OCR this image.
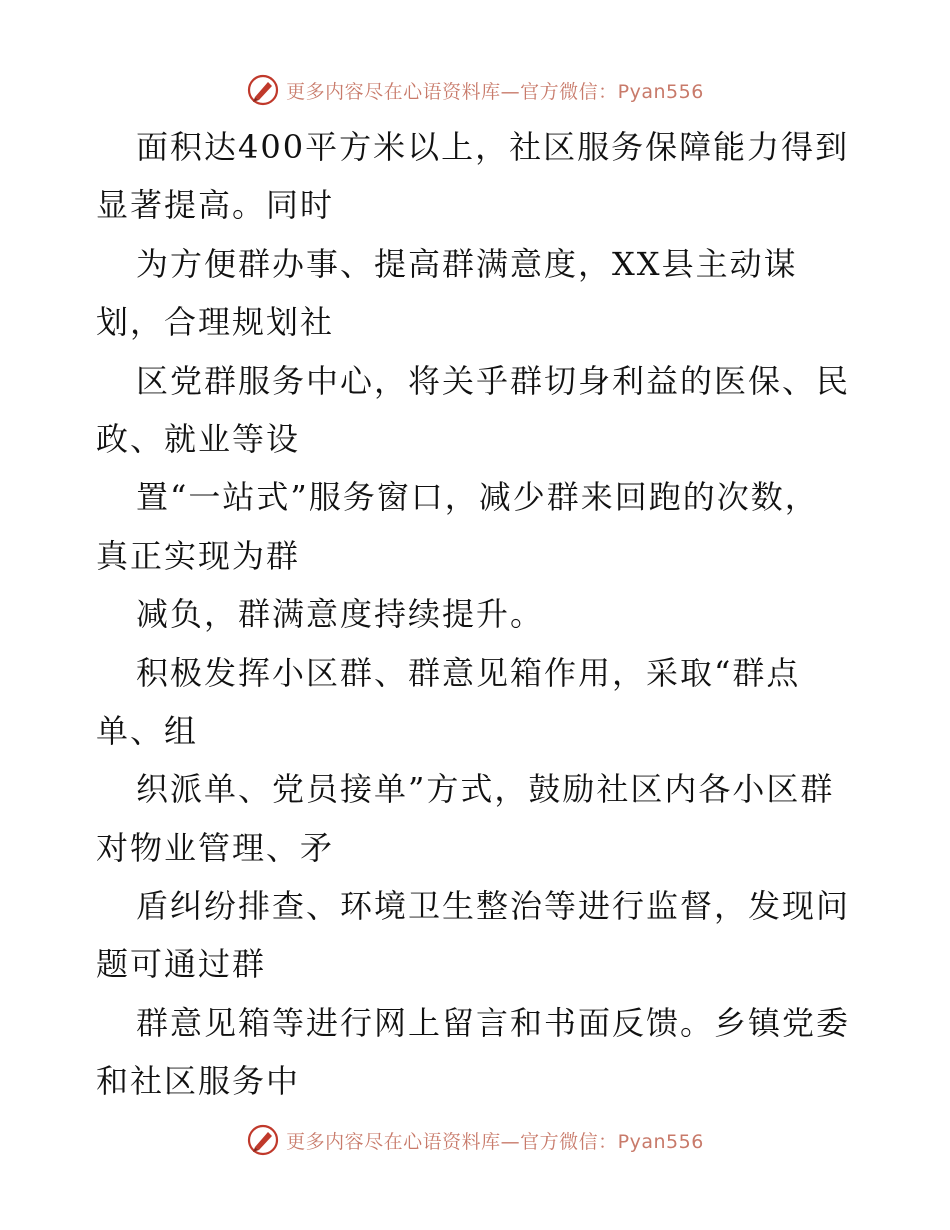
更多内容尽在心语资料库—官方微信：Pyan556
面积达400平方米以上，社区服务保障能力得到
显著提高。同时
为方便群办事、提高群满意度，XX县主动谋
划，合理规划社
区党群服务中心，将关乎群切身利益的医保、民
政、就业等设
置“一站式”服务窗口，减少群来回跑的次数，
真正实现为群
减负，群满意度持续提升。
积极发挥小区群、群意见箱作用，采取“群点
单、组
织派单、党员接单”方式，鼓励社区内各小区群
对物业管理、矛
盾纠纷排查、环境卫生整治等进行监督，发现问
题可通过群
群意见箱等进行网上留言和书面反馈。乡镇党委
和社区服务中
更多内容尽在心语资料库—官方微信：Pyan556
